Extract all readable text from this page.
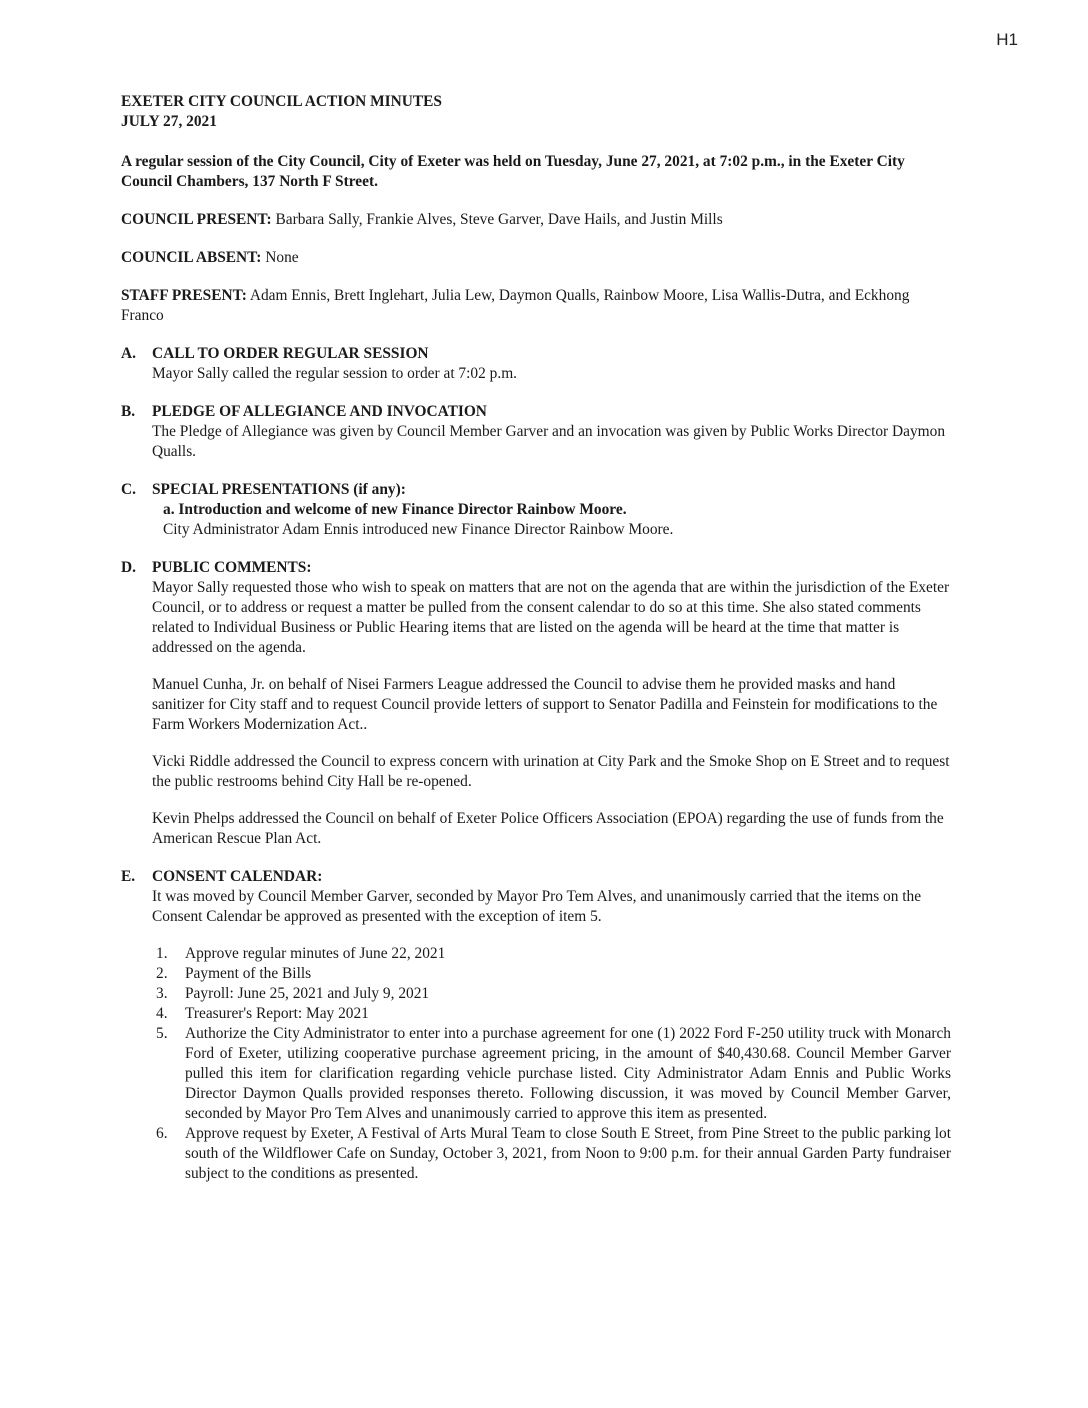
H1
EXETER CITY COUNCIL ACTION MINUTES
JULY 27, 2021
A regular session of the City Council, City of Exeter was held on Tuesday, June 27, 2021, at 7:02 p.m., in the Exeter City Council Chambers, 137 North F Street.
COUNCIL PRESENT: Barbara Sally, Frankie Alves, Steve Garver, Dave Hails, and Justin Mills
COUNCIL ABSENT: None
STAFF PRESENT: Adam Ennis, Brett Inglehart, Julia Lew, Daymon Qualls, Rainbow Moore, Lisa Wallis-Dutra, and Eckhong Franco
A. CALL TO ORDER REGULAR SESSION
Mayor Sally called the regular session to order at 7:02 p.m.
B. PLEDGE OF ALLEGIANCE AND INVOCATION
The Pledge of Allegiance was given by Council Member Garver and an invocation was given by Public Works Director Daymon Qualls.
C. SPECIAL PRESENTATIONS (if any):
a. Introduction and welcome of new Finance Director Rainbow Moore.
City Administrator Adam Ennis introduced new Finance Director Rainbow Moore.
D. PUBLIC COMMENTS:
Mayor Sally requested those who wish to speak on matters that are not on the agenda that are within the jurisdiction of the Exeter Council, or to address or request a matter be pulled from the consent calendar to do so at this time. She also stated comments related to Individual Business or Public Hearing items that are listed on the agenda will be heard at the time that matter is addressed on the agenda.
Manuel Cunha, Jr. on behalf of Nisei Farmers League addressed the Council to advise them he provided masks and hand sanitizer for City staff and to request Council provide letters of support to Senator Padilla and Feinstein for modifications to the Farm Workers Modernization Act..
Vicki Riddle addressed the Council to express concern with urination at City Park and the Smoke Shop on E Street and to request the public restrooms behind City Hall be re-opened.
Kevin Phelps addressed the Council on behalf of Exeter Police Officers Association (EPOA) regarding the use of funds from the American Rescue Plan Act.
E. CONSENT CALENDAR:
It was moved by Council Member Garver, seconded by Mayor Pro Tem Alves, and unanimously carried that the items on the Consent Calendar be approved as presented with the exception of item 5.
1. Approve regular minutes of June 22, 2021
2. Payment of the Bills
3. Payroll: June 25, 2021 and July 9, 2021
4. Treasurer's Report: May 2021
5. Authorize the City Administrator to enter into a purchase agreement for one (1) 2022 Ford F-250 utility truck with Monarch Ford of Exeter, utilizing cooperative purchase agreement pricing, in the amount of $40,430.68. Council Member Garver pulled this item for clarification regarding vehicle purchase listed. City Administrator Adam Ennis and Public Works Director Daymon Qualls provided responses thereto. Following discussion, it was moved by Council Member Garver, seconded by Mayor Pro Tem Alves and unanimously carried to approve this item as presented.
6. Approve request by Exeter, A Festival of Arts Mural Team to close South E Street, from Pine Street to the public parking lot south of the Wildflower Cafe on Sunday, October 3, 2021, from Noon to 9:00 p.m. for their annual Garden Party fundraiser subject to the conditions as presented.
